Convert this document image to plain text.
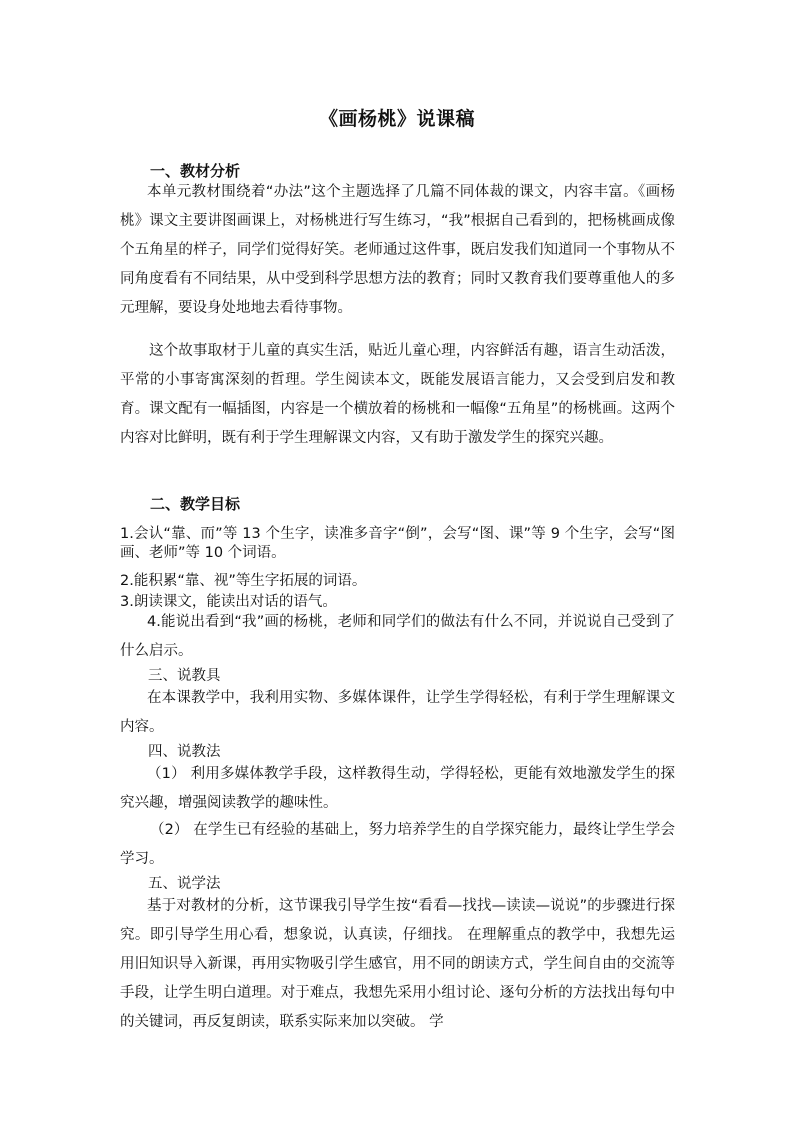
《画杨桃》说课稿
一、教材分析

本单元教材围绕着“办法”这个主题选择了几篇不同体裁的课文，内容丰富。《画杨桃》课文主要讲图画课上，对杨桃进行写生练习，“我”根据自己看到的，把杨桃画成像个五角星的样子，同学们觉得好笑。老师通过这件事，既启发我们知道同一个事物从不同角度看有不同结果，从中受到科学思想方法的教育；同时又教育我们要尊重他人的多元理解，要设身处地地去看待事物。

这个故事取材于儿童的真实生活，贴近儿童心理，内容鲜活有趣，语言生动活泼，平常的小事寄寓深刻的哲理。学生阅读本文，既能发展语言能力，又会受到启发和教育。课文配有一幅插图，内容是一个横放着的杨桃和一幅像“五角星”的杨桃画。这两个内容对比鲜明，既有利于学生理解课文内容，又有助于激发学生的探究兴趣。

二、教学目标

1.会认“靠、而”等 13 个生字，读准多音字“倒”，会写“图、课”等 9 个生字，会写“图画、老师”等 10 个词语。

2.能积累“靠、视”等生字拓展的词语。
3.朗读课文，能读出对话的语气。

4.能说出看到“我”画的杨桃，老师和同学们的做法有什么不同，并说说自己受到了什么启示。

三、说教具

在本课教学中，我利用实物、多媒体课件，让学生学得轻松，有利于学生理解课文内容。

四、说教法

（1） 利用多媒体教学手段，这样教得生动，学得轻松，更能有效地激发学生的探究兴趣，增强阅读教学的趣味性。

（2） 在学生已有经验的基础上，努力培养学生的自学探究能力，最终让学生学会学习。

五、说学法

基于对教材的分析，这节课我引导学生按“看看—找找—读读—说说”的步骤进行探究。即引导学生用心看，想象说，认真读，仔细找。 在理解重点的教学中，我想先运用旧知识导入新课，再用实物吸引学生感官，用不同的朗读方式，学生间自由的交流等手段，让学生明白道理。对于难点，我想先采用小组讨论、逐句分析的方法找出每句中的关键词，再反复朗读，联系实际来加以突破。 学
